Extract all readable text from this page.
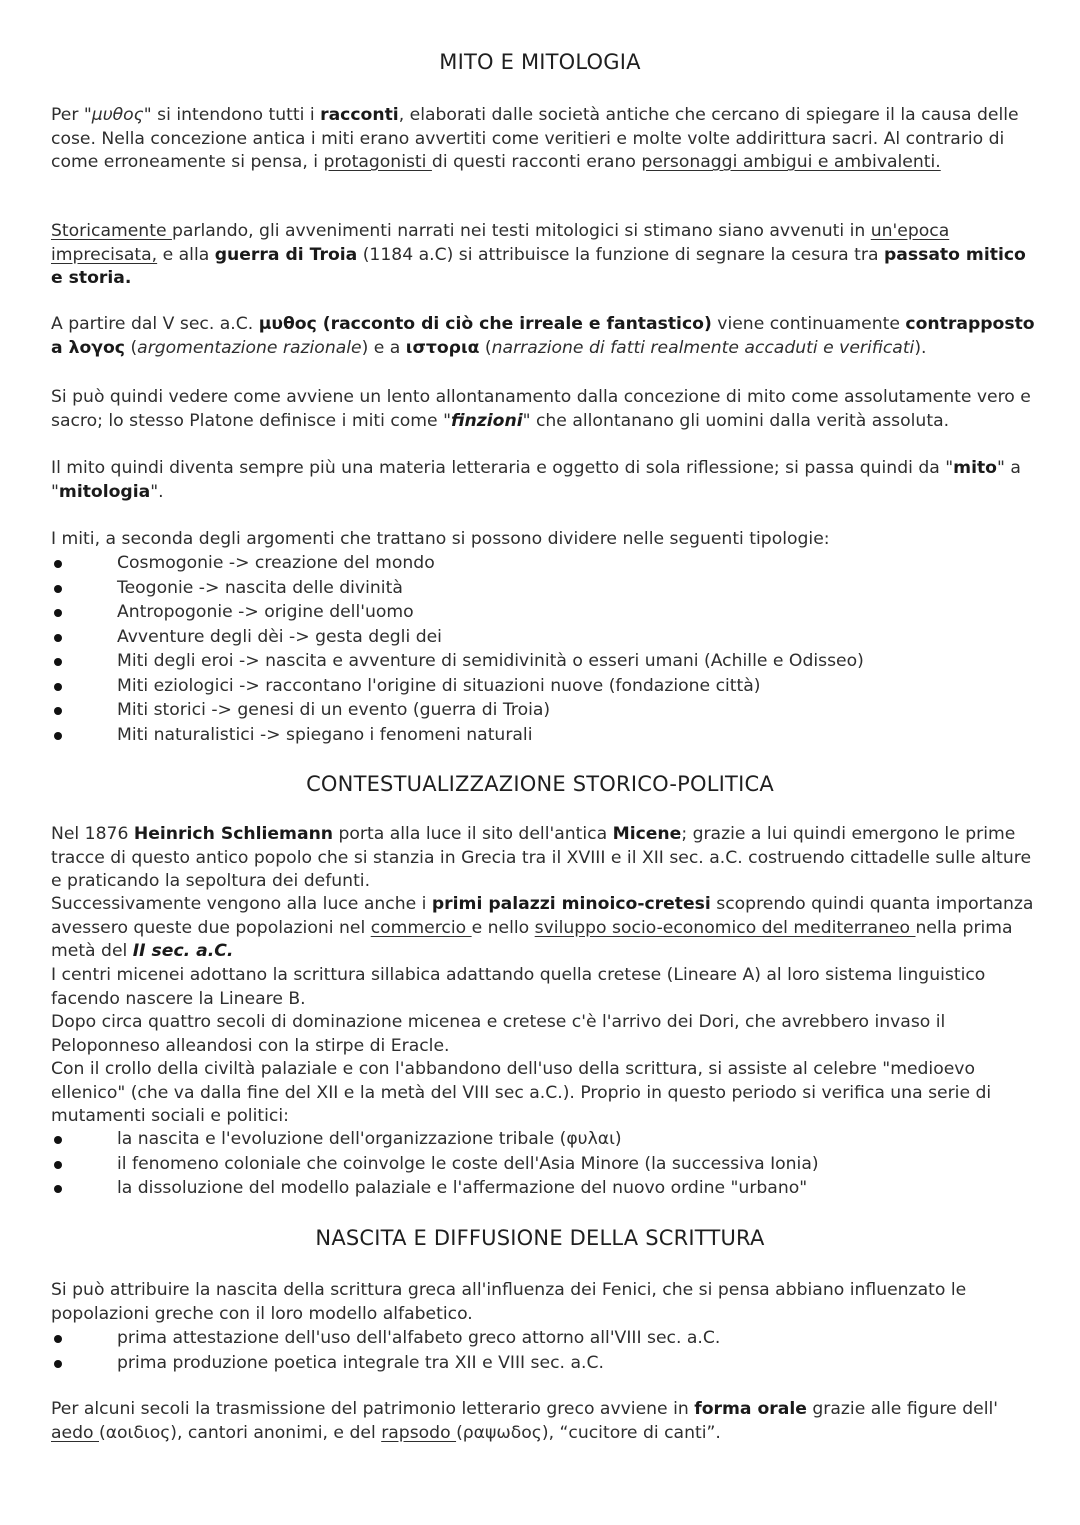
MITO E MITOLOGIA

Per "μυθος" si intendono tutti i racconti, elaborati dalle società antiche che cercano di spiegare il la causa delle cose. Nella concezione antica i miti erano avvertiti come veritieri e molte volte addirittura sacri. Al contrario di come erroneamente si pensa, i protagonisti di questi racconti erano personaggi ambigui e ambivalenti.

Storicamente parlando, gli avvenimenti narrati nei testi mitologici si stimano siano avvenuti in un'epoca imprecisata, e alla guerra di Troia (1184 a.C) si attribuisce la funzione di segnare la cesura tra passato mitico e storia.

A partire dal V sec. a.C. μυθος (racconto di ciò che irreale e fantastico) viene continuamente contrapposto a λογος (argomentazione razionale) e a ιστορια (narrazione di fatti realmente accaduti e verificati).

Si può quindi vedere come avviene un lento allontanamento dalla concezione di mito come assolutamente vero e sacro; lo stesso Platone definisce i miti come "finzioni" che allontanano gli uomini dalla verità assoluta.

Il mito quindi diventa sempre più una materia letteraria e oggetto di sola riflessione; si passa quindi da "mito" a "mitologia".

I miti, a seconda degli argomenti che trattano si possono dividere nelle seguenti tipologie:

Cosmogonie -> creazione del mondo
Teogonie -> nascita delle divinità
Antropogonie -> origine dell'uomo
Avventure degli dèi -> gesta degli dei
Miti degli eroi -> nascita e avventure di semidivinità o esseri umani (Achille e Odisseo)
Miti eziologici -> raccontano l'origine di situazioni nuove (fondazione città)
Miti storici -> genesi di un evento (guerra di Troia)
Miti naturalistici -> spiegano i fenomeni naturali
CONTESTUALIZZAZIONE STORICO-POLITICA

Nel 1876 Heinrich Schliemann porta alla luce il sito dell'antica Micene; grazie a lui quindi emergono le prime tracce di questo antico popolo che si stanzia in Grecia tra il XVIII e il XII sec. a.C. costruendo cittadelle sulle alture e praticando la sepoltura dei defunti.

Successivamente vengono alla luce anche i primi palazzi minoico-cretesi scoprendo quindi quanta importanza avessero queste due popolazioni nel commercio e nello sviluppo socio-economico del mediterraneo nella prima metà del II sec. a.C.

I centri micenei adottano la scrittura sillabica adattando quella cretese (Lineare A) al loro sistema linguistico facendo nascere la Lineare B.

Dopo circa quattro secoli di dominazione micenea e cretese c'è l'arrivo dei Dori, che avrebbero invaso il Peloponneso alleandosi con la stirpe di Eracle.

Con il crollo della civiltà palaziale e con l'abbandono dell'uso della scrittura, si assiste al celebre "medioevo ellenico" (che va dalla fine del XII e la metà del VIII sec a.C.). Proprio in questo periodo si verifica una serie di mutamenti sociali e politici:

la nascita e l'evoluzione dell'organizzazione tribale (φυλαι)
il fenomeno coloniale che coinvolge le coste dell'Asia Minore (la successiva Ionia)
la dissoluzione del modello palaziale e l'affermazione del nuovo ordine "urbano"
NASCITA E DIFFUSIONE DELLA SCRITTURA

Si può attribuire la nascita della scrittura greca all'influenza dei Fenici, che si pensa abbiano influenzato le popolazioni greche con il loro modello alfabetico.

prima attestazione dell'uso dell'alfabeto greco attorno all'VIII sec. a.C.
prima produzione poetica integrale tra XII e VIII sec. a.C.

Per alcuni secoli la trasmissione del patrimonio letterario greco avviene in forma orale grazie alle figure dell' aedo (αοιδιος), cantori anonimi, e del rapsodo (ραψωδος), “cucitore di canti”.
